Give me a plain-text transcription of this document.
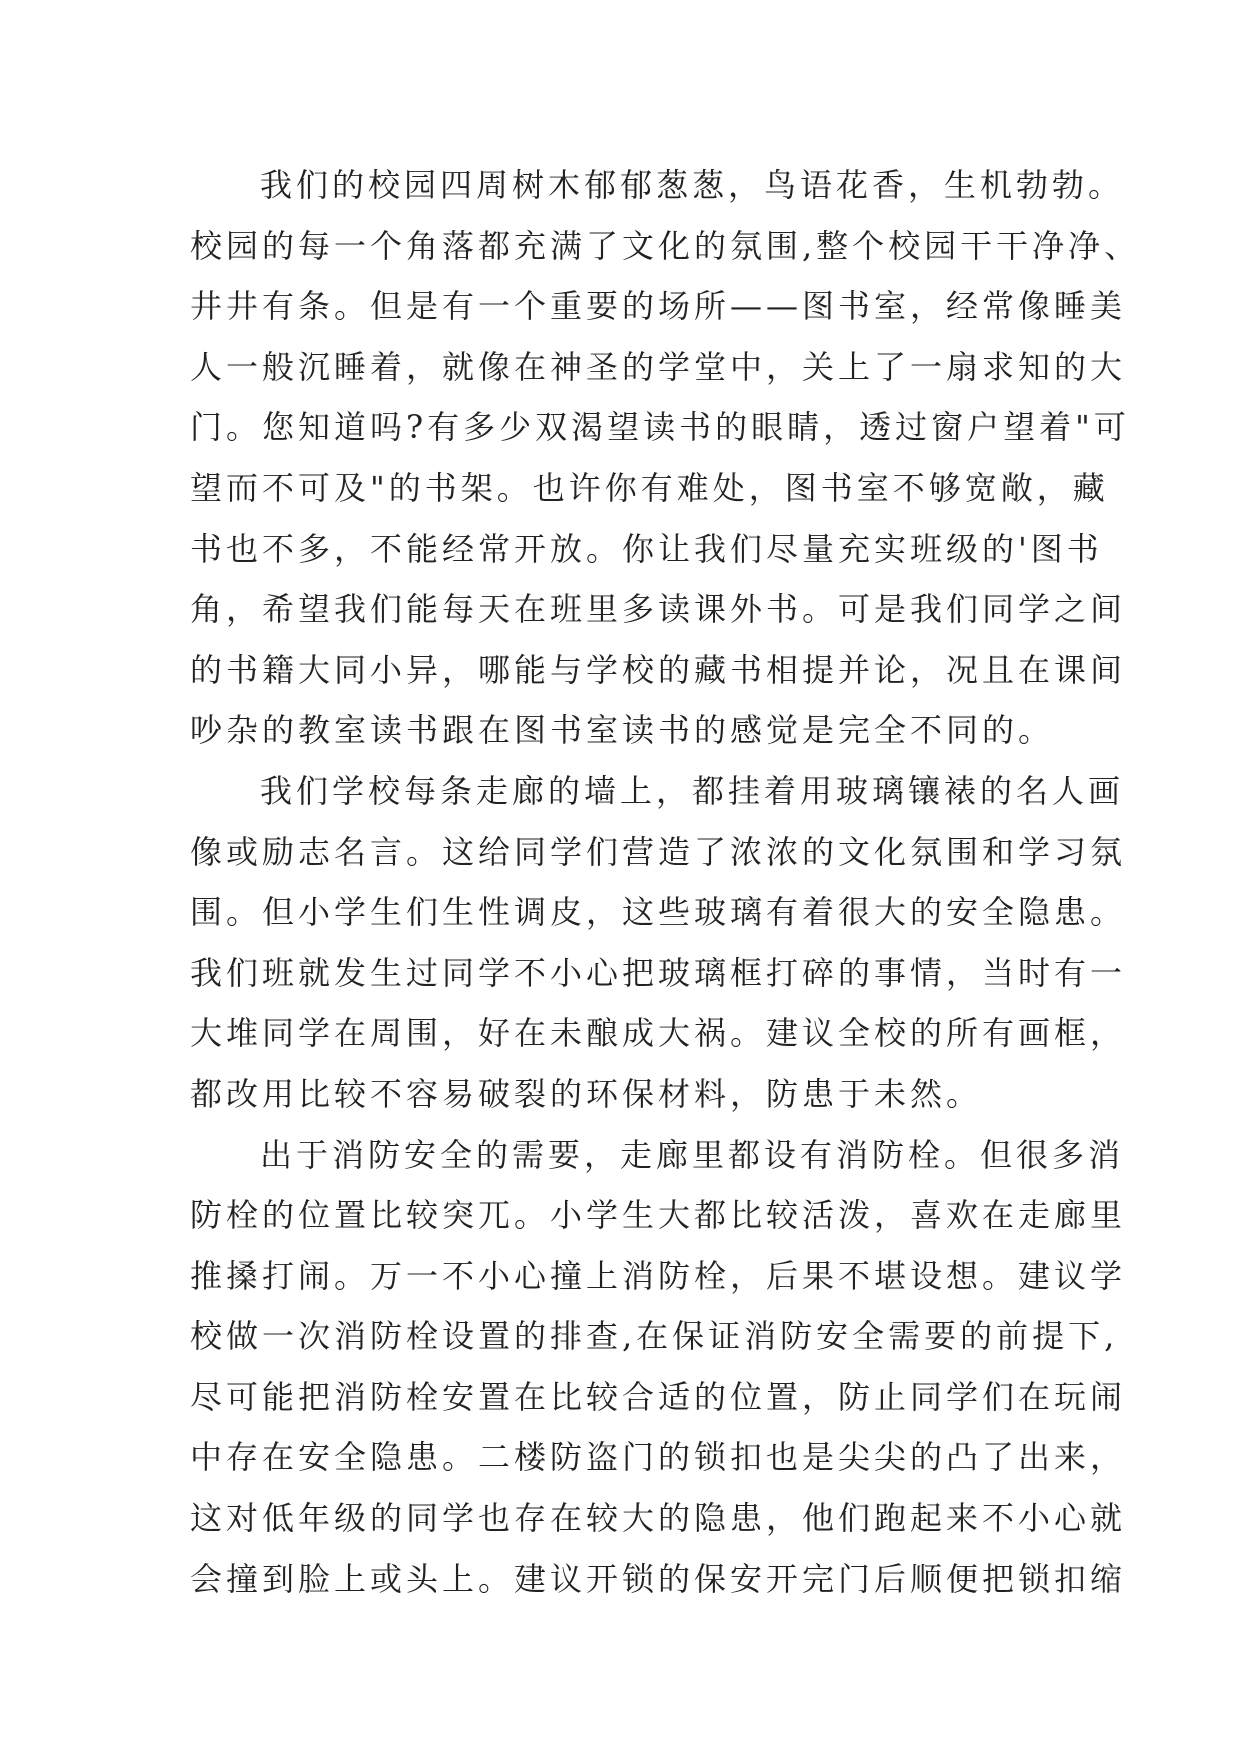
我们的校园四周树木郁郁葱葱，鸟语花香，生机勃勃。
校园的每一个角落都充满了文化的氛围,整个校园干干净净、
井井有条。但是有一个重要的场所——图书室，经常像睡美
人一般沉睡着，就像在神圣的学堂中，关上了一扇求知的大
门。您知道吗?有多少双渴望读书的眼睛，透过窗户望着"可
望而不可及"的书架。也许你有难处，图书室不够宽敞，藏
书也不多，不能经常开放。你让我们尽量充实班级的'图书
角，希望我们能每天在班里多读课外书。可是我们同学之间
的书籍大同小异，哪能与学校的藏书相提并论，况且在课间
吵杂的教室读书跟在图书室读书的感觉是完全不同的。
我们学校每条走廊的墙上，都挂着用玻璃镶裱的名人画
像或励志名言。这给同学们营造了浓浓的文化氛围和学习氛
围。但小学生们生性调皮，这些玻璃有着很大的安全隐患。
我们班就发生过同学不小心把玻璃框打碎的事情，当时有一
大堆同学在周围，好在未酿成大祸。建议全校的所有画框，
都改用比较不容易破裂的环保材料，防患于未然。
出于消防安全的需要，走廊里都设有消防栓。但很多消
防栓的位置比较突兀。小学生大都比较活泼，喜欢在走廊里
推搡打闹。万一不小心撞上消防栓，后果不堪设想。建议学
校做一次消防栓设置的排查,在保证消防安全需要的前提下,
尽可能把消防栓安置在比较合适的位置，防止同学们在玩闹
中存在安全隐患。二楼防盗门的锁扣也是尖尖的凸了出来，
这对低年级的同学也存在较大的隐患，他们跑起来不小心就
会撞到脸上或头上。建议开锁的保安开完门后顺便把锁扣缩
